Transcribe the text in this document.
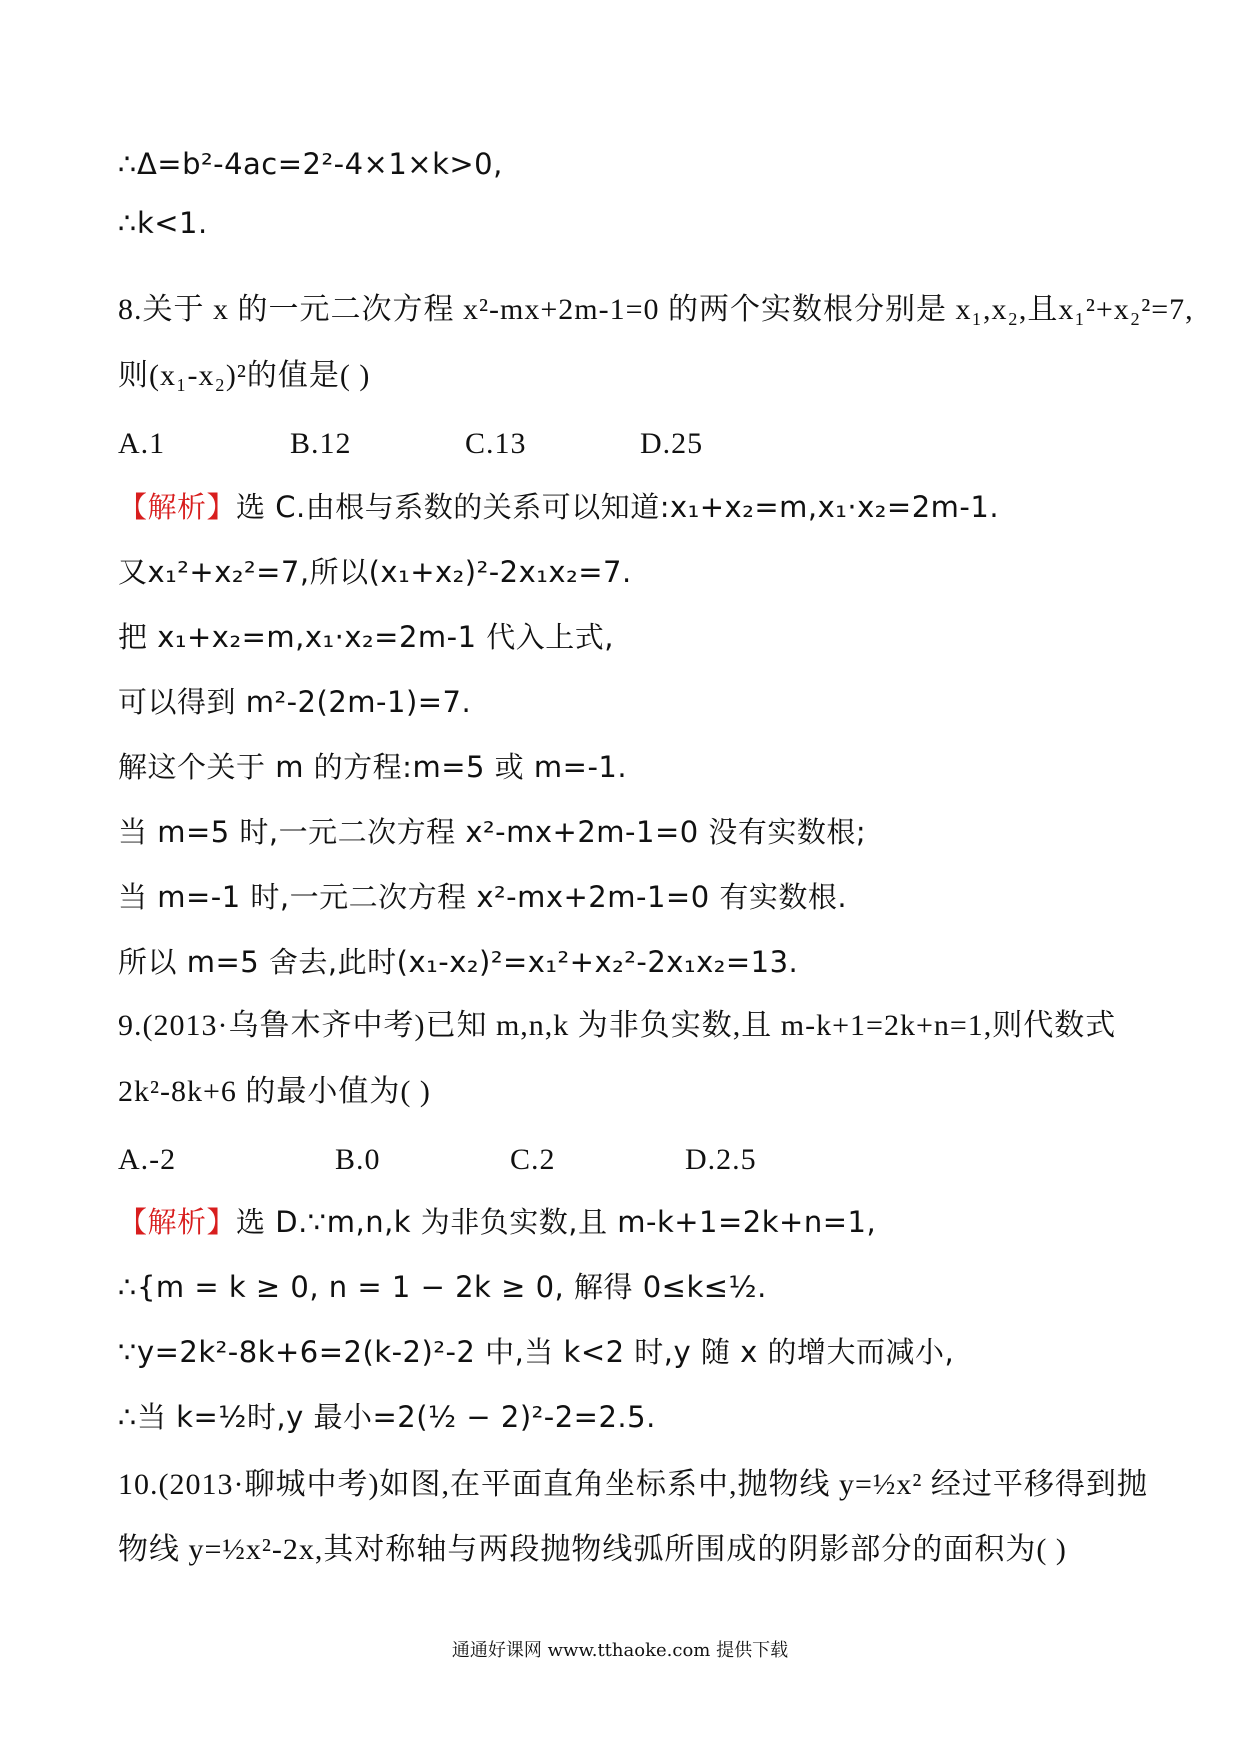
∴Δ=b²-4ac=2²-4×1×k>0,
∴k<1.
8.关于 x 的一元二次方程 x²-mx+2m-1=0 的两个实数根分别是 x₁,x₂,且x₁²+x₂²=7,
则(x₁-x₂)²的值是( )
A.1	B.12	C.13	D.25
【解析】选 C.由根与系数的关系可以知道:x₁+x₂=m,x₁·x₂=2m-1.
又x₁²+x₂²=7,所以(x₁+x₂)²-2x₁x₂=7.
把 x₁+x₂=m,x₁·x₂=2m-1 代入上式,
可以得到 m²-2(2m-1)=7.
解这个关于 m 的方程:m=5 或 m=-1.
当 m=5 时,一元二次方程 x²-mx+2m-1=0 没有实数根;
当 m=-1 时,一元二次方程 x²-mx+2m-1=0 有实数根.
所以 m=5 舍去,此时(x₁-x₂)²=x₁²+x₂²-2x₁x₂=13.
9.(2013·乌鲁木齐中考)已知 m,n,k 为非负实数,且 m-k+1=2k+n=1,则代数式
2k²-8k+6 的最小值为( )
A.-2	B.0	C.2	D.2.5
【解析】选 D.∵m,n,k 为非负实数,且 m-k+1=2k+n=1,
∴{m = k ≥ 0, n = 1 − 2k ≥ 0, 解得 0≤k≤½.
∵y=2k²-8k+6=2(k-2)²-2 中,当 k<2 时,y 随 x 的增大而减小,
∴当 k=½时,y 最小=2(½ − 2)²-2=2.5.
10.(2013·聊城中考)如图,在平面直角坐标系中,抛物线 y=½x² 经过平移得到抛
物线 y=½x²-2x,其对称轴与两段抛物线弧所围成的阴影部分的面积为( )
通通好课网 www.tthaoke.com 提供下载
